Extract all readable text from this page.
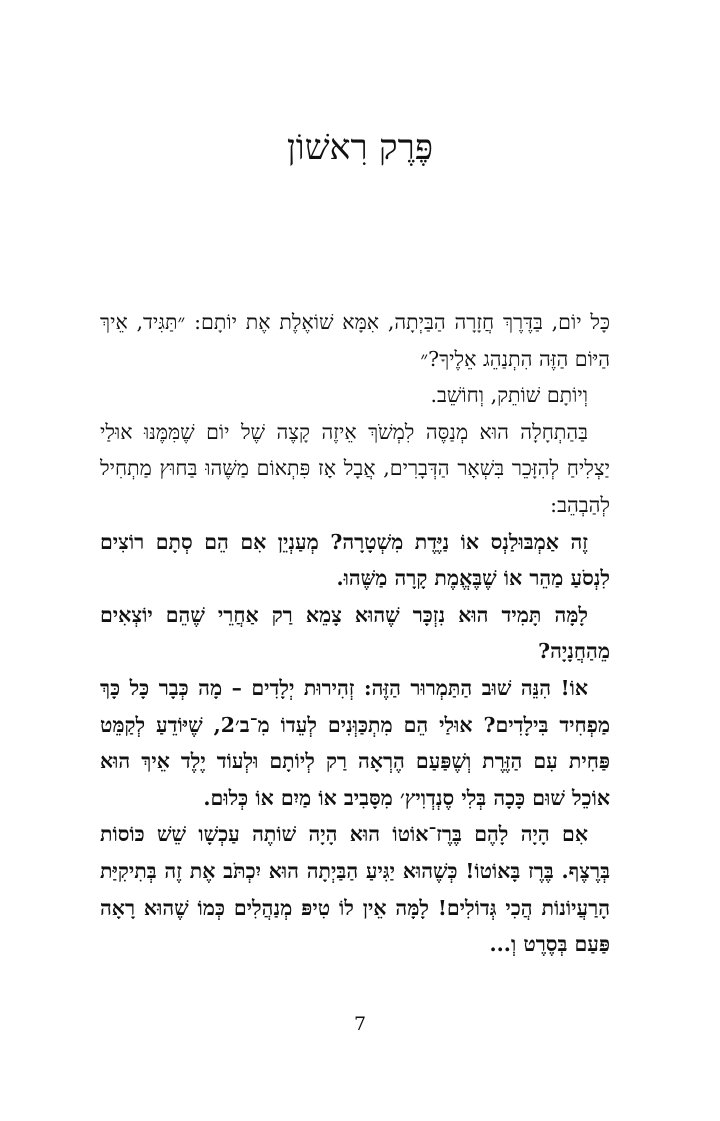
פֶּרֶק רִאשׁוֹן

כָּל יוֹם, בַּדֶּרֶךְ חֲזָרָה הַבַּיְתָה, אִמָּא שׁוֹאֶלֶת אֶת יוֹתָם: ״תַּגִּיד, אֵיךְ הַיּוֹם הַזֶּה הִתְנַהֵג אֵלֶיךָ?״

וְיוֹתָם שׁוֹתֵק, וְחוֹשֵׁב.

בַּהַתְחָלָה הוּא מְנַסֶּה לִמְשֹׁךְ אֵיזֶה קָצֶה שֶׁל יוֹם שֶׁמִּמֶּנּוּ אוּלַי יַצְלִיחַ לְהִזָּכֵר בִּשְׁאָר הַדְּבָרִים, אֲבָל אָז פִּתְאוֹם מַשֶּׁהוּ בַּחוּץ מַתְחִיל לְהַבְהֵב:

זֶה אַמְבּוּלַנְס אוֹ נַיֶּדֶת מִשְׁטָרָה? מְעַנְיֵן אִם הֵם סְתָם רוֹצִים לִנְסֹעַ מַהֵר אוֹ שֶׁבֶּאֱמֶת קָרָה מַשֶּׁהוּ.

לָמָּה תָּמִיד הוּא נִזְכָּר שֶׁהוּא צָמֵא רַק אַחֲרֵי שֶׁהֵם יוֹצְאִים מֵהַחֲנָיָה?

אוֹ! הִנֵּה שׁוּב הַתַּמְרוּר הַזֶּה: זְהִירוּת יְלָדִים – מָה כְּבָר כָּל כָּךְ מַפְחִיד בִּילָדִים? אוּלַי הֵם מִתְכַּוְּנִים לְעֵדוֹ מִ־ב׳2, שֶׁיּוֹדֵעַ לְקַמֵּט פַּחִית עִם הַזֶּרֶת וְשֶׁפַּעַם הֶרְאָה רַק לְיוֹתָם וּלְעוֹד יֶלֶד אֵיךְ הוּא אוֹכֵל שׁוּם כָּכָה בְּלִי סֶנְדְוִיץ׳ מִסָּבִיב אוֹ מַיִם אוֹ כְּלוּם.

אִם הָיָה לָהֶם בֶּרֶז־אוֹטוֹ הוּא הָיָה שׁוֹתֶה עַכְשָׁו שֵׁשׁ כּוֹסוֹת בְּרֶצֶף. בֶּרֶז בָּאוֹטוֹ! כְּשֶׁהוּא יַגִּיעַ הַבַּיְתָה הוּא יִכְתֹּב אֶת זֶה בְּתִיקִיַּת הָרַעֲיוֹנוֹת הֲכִי גְּדוֹלִים! לָמָּה אֵין לוֹ טִיפּ מְנַהֲלִים כְּמוֹ שֶׁהוּא רָאָה פַּעַם בְּסֶרֶט וְ...

7
